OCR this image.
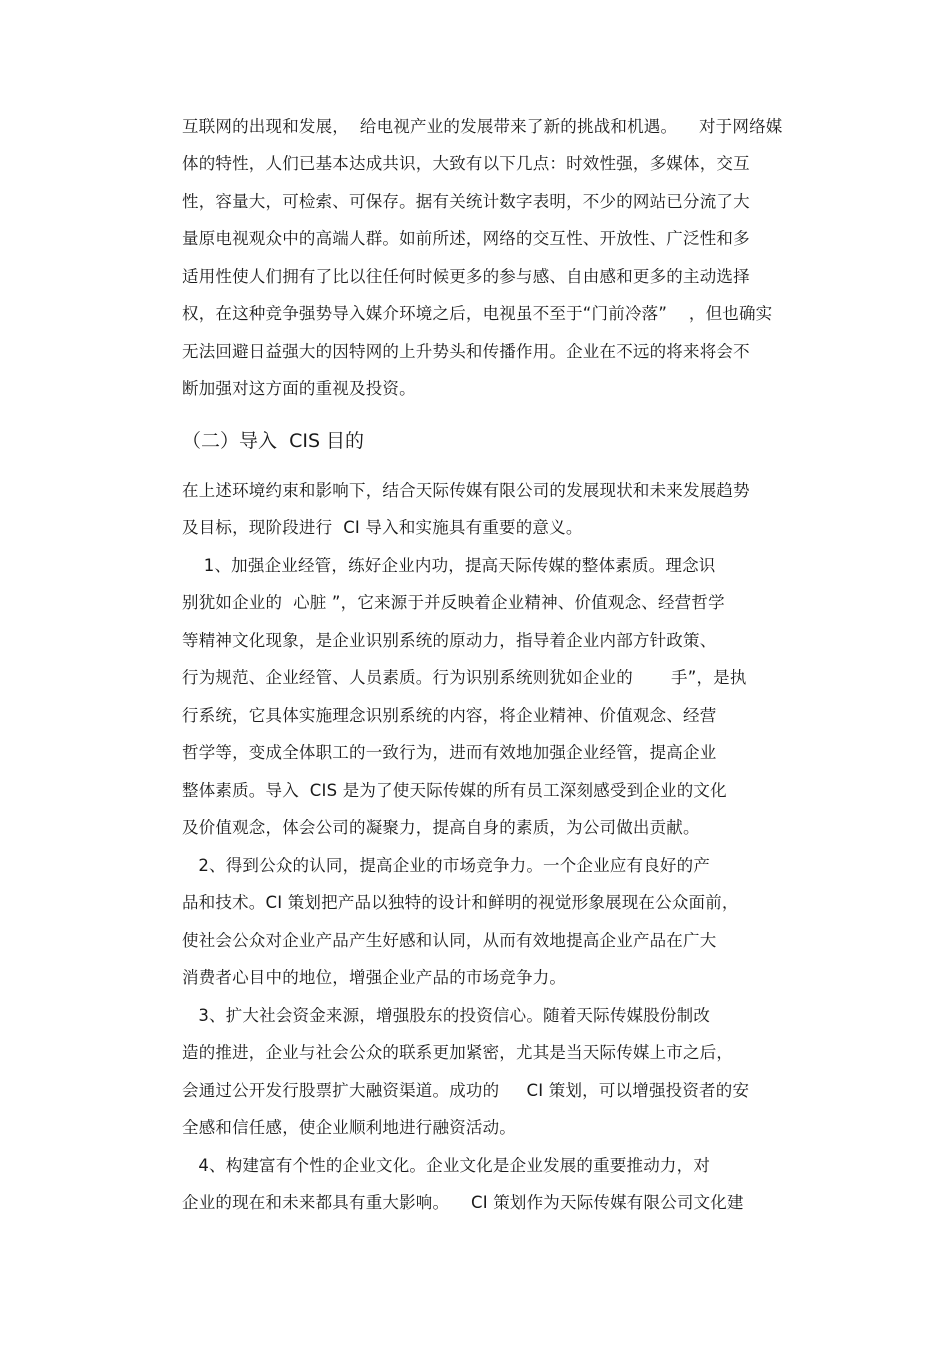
互联网的出现和发展，  给电视产业的发展带来了新的挑战和机遇。    对于网络媒
体的特性，人们已基本达成共识，大致有以下几点：时效性强，多媒体，交互
性，容量大，可检索、可保存。据有关统计数字表明，不少的网站已分流了大
量原电视观众中的高端人群。如前所述，网络的交互性、开放性、广泛性和多
适用性使人们拥有了比以往任何时候更多的参与感、自由感和更多的主动选择
权，在这种竞争强势导入媒介环境之后，电视虽不至于“门前冷落”    ，但也确实
无法回避日益强大的因特网的上升势头和传播作用。企业在不远的将来将会不
断加强对这方面的重视及投资。
（二）导入  CIS 目的
在上述环境约束和影响下，结合天际传媒有限公司的发展现状和未来发展趋势
及目标，现阶段进行  CI 导入和实施具有重要的意义。
1、加强企业经管，练好企业内功，提高天际传媒的整体素质。理念识
别犹如企业的  心脏 ”，它来源于并反映着企业精神、价值观念、经营哲学
等精神文化现象，是企业识别系统的原动力，指导着企业内部方针政策、
行为规范、企业经管、人员素质。行为识别系统则犹如企业的       手”，是执
行系统，它具体实施理念识别系统的内容，将企业精神、价值观念、经营
哲学等，变成全体职工的一致行为，进而有效地加强企业经管，提高企业
整体素质。导入  CIS 是为了使天际传媒的所有员工深刻感受到企业的文化
及价值观念，体会公司的凝聚力，提高自身的素质，为公司做出贡献。
2、得到公众的认同，提高企业的市场竞争力。一个企业应有良好的产
品和技术。CI 策划把产品以独特的设计和鲜明的视觉形象展现在公众面前，
使社会公众对企业产品产生好感和认同，从而有效地提高企业产品在广大
消费者心目中的地位，增强企业产品的市场竞争力。
3、扩大社会资金来源，增强股东的投资信心。随着天际传媒股份制改
造的推进，企业与社会公众的联系更加紧密，尤其是当天际传媒上市之后，
会通过公开发行股票扩大融资渠道。成功的     CI 策划，可以增强投资者的安
全感和信任感，使企业顺利地进行融资活动。
4、构建富有个性的企业文化。企业文化是企业发展的重要推动力，对
企业的现在和未来都具有重大影响。    CI 策划作为天际传媒有限公司文化建
